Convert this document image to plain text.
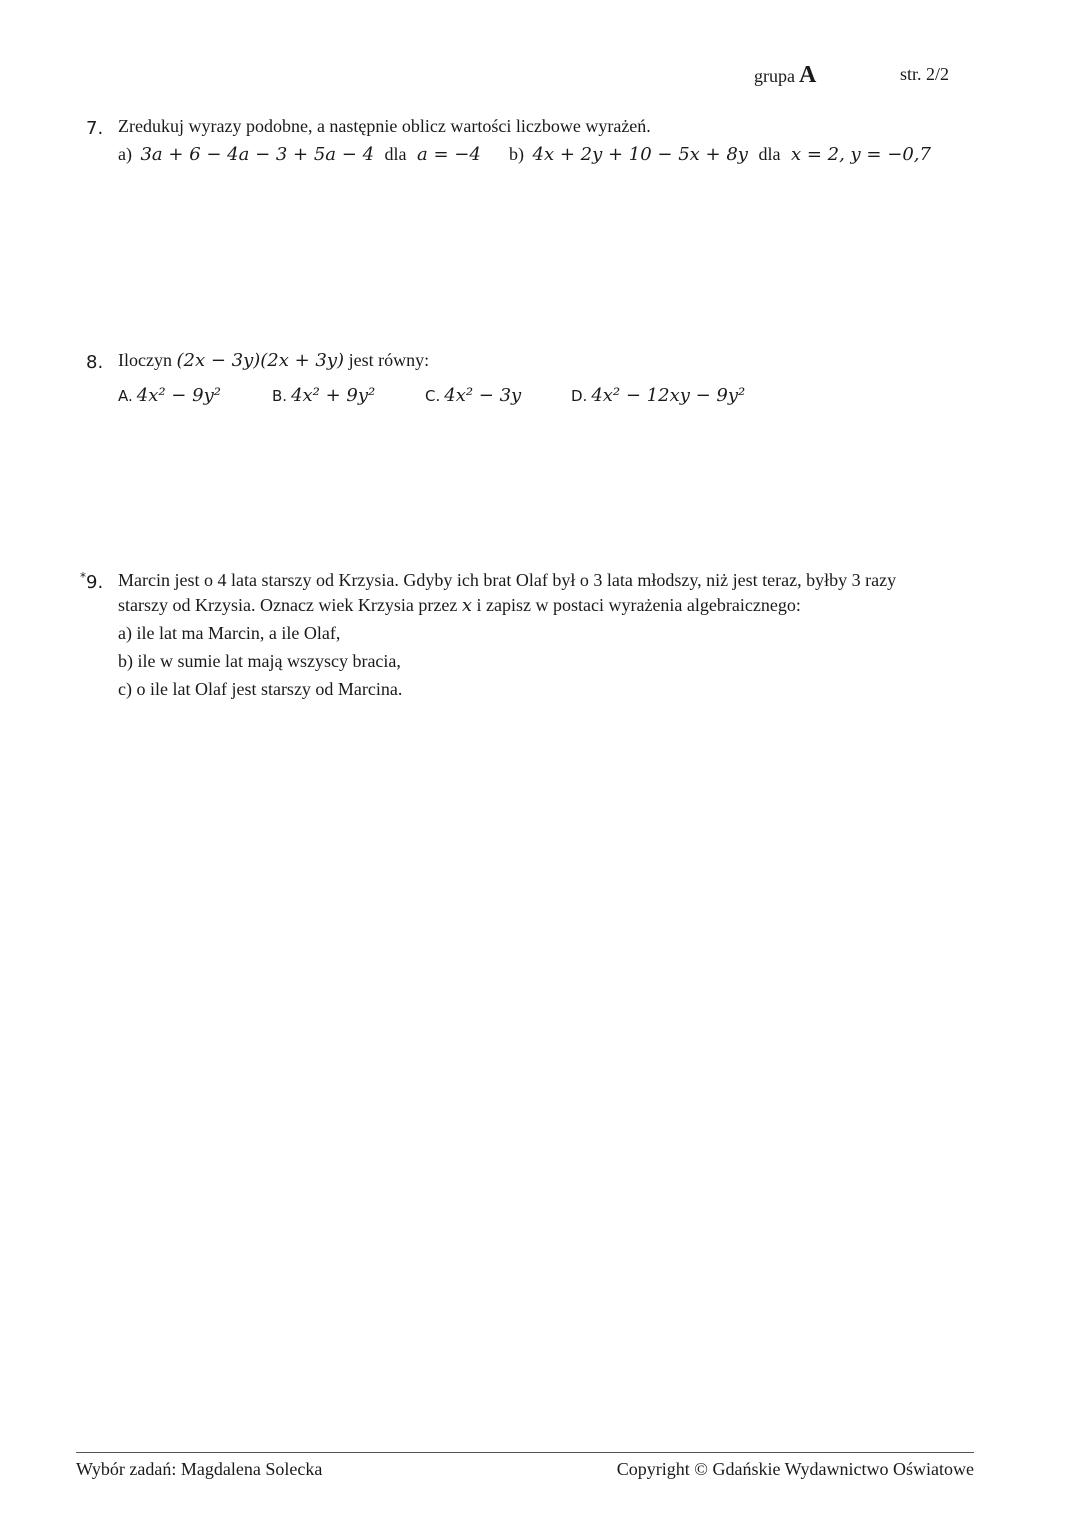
grupa A	str. 2/2
7. Zredukuj wyrazy podobne, a następnie oblicz wartości liczbowe wyrażeń.
a) 3a + 6 − 4a − 3 + 5a − 4 dla a = −4 b) 4x + 2y + 10 − 5x + 8y dla x = 2, y = −0,7
8. Iloczyn (2x − 3y)(2x + 3y) jest równy:
A. 4x² − 9y²	B. 4x² + 9y²	C. 4x² − 3y	D. 4x² − 12xy − 9y²
*9. Marcin jest o 4 lata starszy od Krzysia. Gdyby ich brat Olaf był o 3 lata młodszy, niż jest teraz, byłby 3 razy
starszy od Krzysia. Oznacz wiek Krzysia przez x i zapisz w postaci wyrażenia algebraicznego:
a) ile lat ma Marcin, a ile Olaf,
b) ile w sumie lat mają wszyscy bracia,
c) o ile lat Olaf jest starszy od Marcina.
Wybór zadań: Magdalena Solecka	Copyright © Gdańskie Wydawnictwo Oświatowe
